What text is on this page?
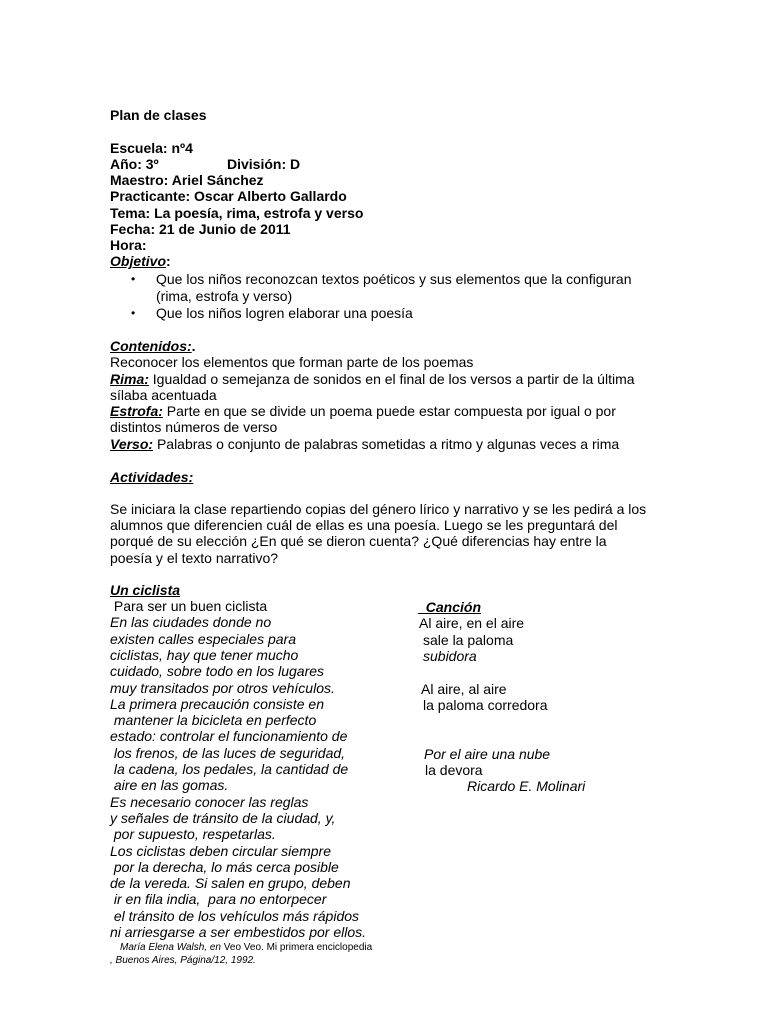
Plan de clases
Escuela: nº4
Año: 3º	División: D
Maestro: Ariel Sánchez
Practicante: Oscar Alberto Gallardo
Tema: La poesía, rima, estrofa y verso
Fecha: 21 de Junio de 2011
Hora:
Objetivo:
• Que los niños reconozcan textos poéticos y sus elementos que la configuran
(rima, estrofa y verso)
• Que los niños logren elaborar una poesía
Contenidos:.
Reconocer los elementos que forman parte de los poemas
Rima: Igualdad o semejanza de sonidos en el final de los versos a partir de la última
sílaba acentuada
Estrofa: Parte en que se divide un poema puede estar compuesta por igual o por
distintos números de verso
Verso: Palabras o conjunto de palabras sometidas a ritmo y algunas veces a rima
Actividades:
Se iniciara la clase repartiendo copias del género lírico y narrativo y se les pedirá a los
alumnos que diferencien cuál de ellas es una poesía. Luego se les preguntará del
porqué de su elección ¿En qué se dieron cuenta? ¿Qué diferencias hay entre la
poesía y el texto narrativo?
Un ciclista
Para ser un buen ciclista
En las ciudades donde no
existen calles especiales para
ciclistas, hay que tener mucho
cuidado, sobre todo en los lugares
muy transitados por otros vehículos.
La primera precaución consiste en
mantener la bicicleta en perfecto
estado: controlar el funcionamiento de
los frenos, de las luces de seguridad,
la cadena, los pedales, la cantidad de
aire en las gomas.
Es necesario conocer las reglas
y señales de tránsito de la ciudad, y,
por supuesto, respetarlas.
Los ciclistas deben circular siempre
por la derecha, lo más cerca posible
de la vereda. Si salen en grupo, deben
ir en fila india,  para no entorpecer
el tránsito de los vehículos más rápidos
ni arriesgarse a ser embestidos por ellos.
María Elena Walsh, en Veo Veo. Mi primera enciclopedia
, Buenos Aires, Página/12, 1992.
Canción
Al aire, en el aire
sale la paloma
subidora
Al aire, al aire
la paloma corredora
Por el aire una nube
la devora
Ricardo E. Molinari
